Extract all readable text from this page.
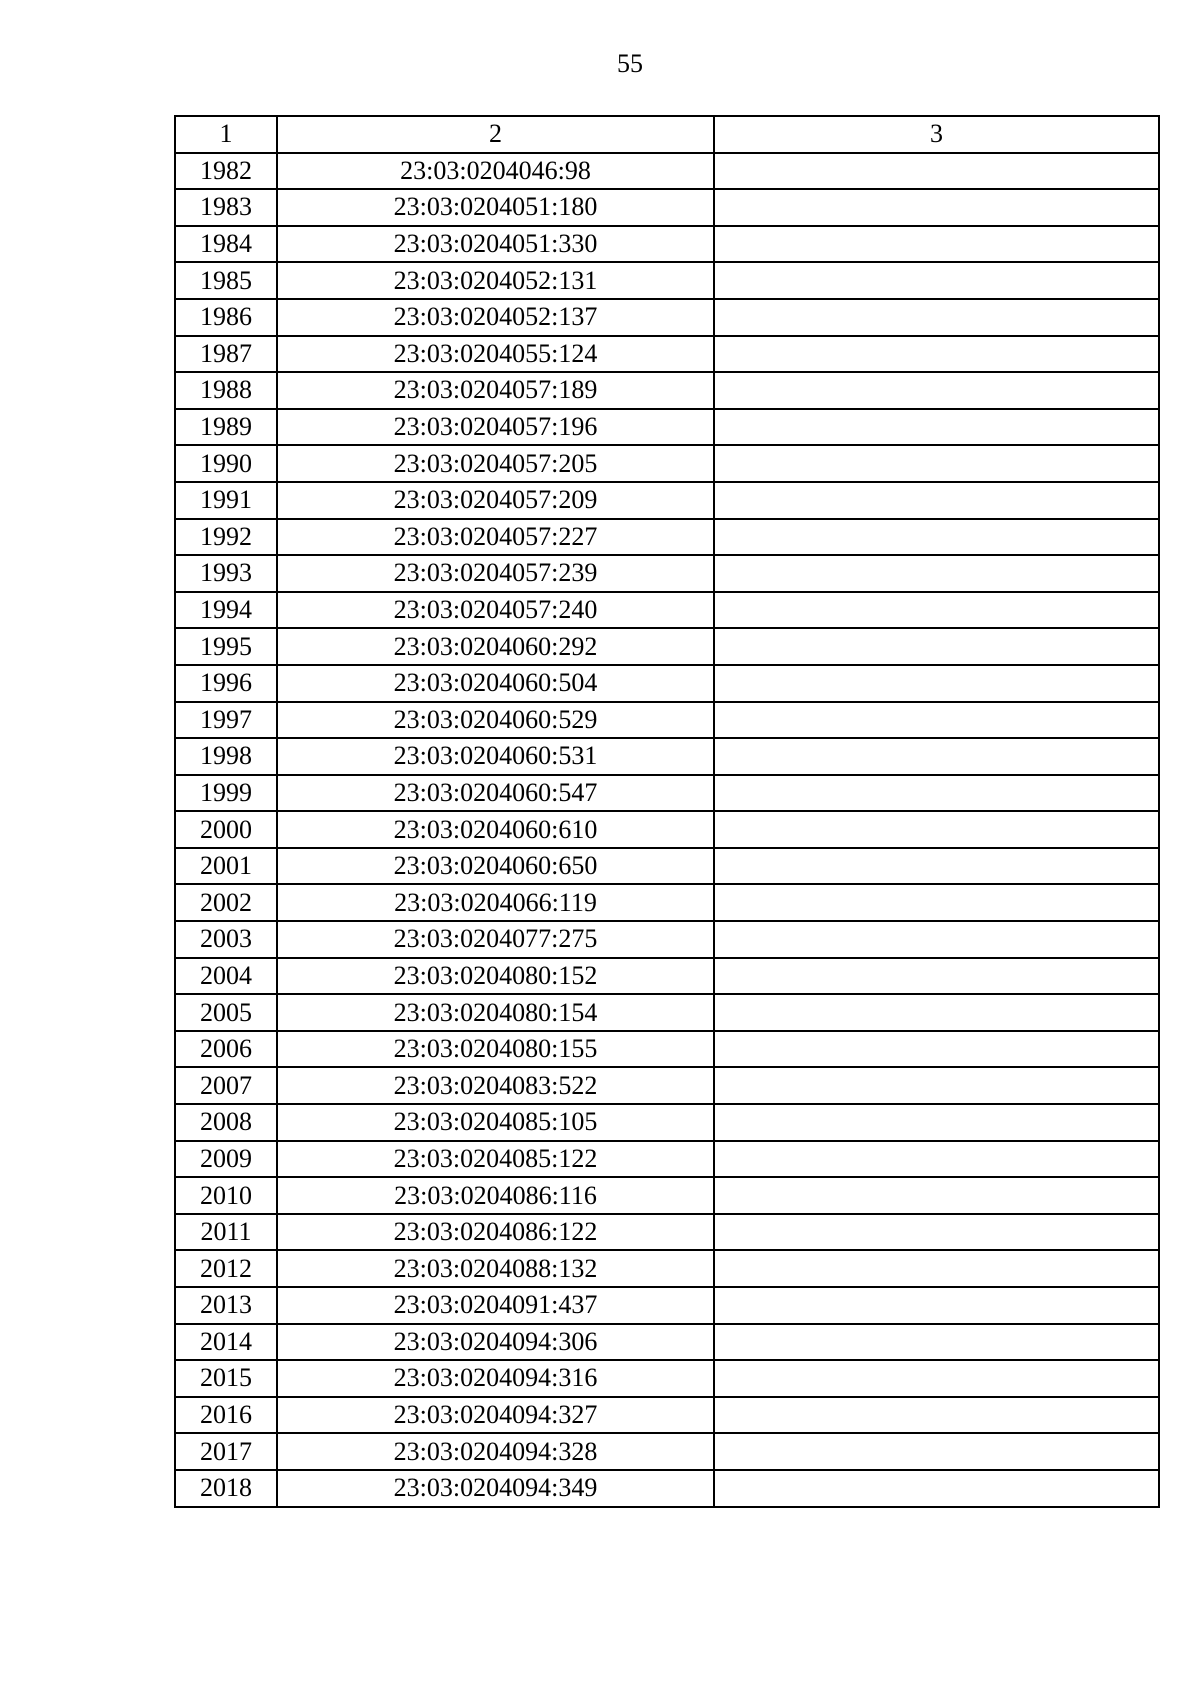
55
1	2	3
1982	23:03:0204046:98	
1983	23:03:0204051:180	
1984	23:03:0204051:330	
1985	23:03:0204052:131	
1986	23:03:0204052:137	
1987	23:03:0204055:124	
1988	23:03:0204057:189	
1989	23:03:0204057:196	
1990	23:03:0204057:205	
1991	23:03:0204057:209	
1992	23:03:0204057:227	
1993	23:03:0204057:239	
1994	23:03:0204057:240	
1995	23:03:0204060:292	
1996	23:03:0204060:504	
1997	23:03:0204060:529	
1998	23:03:0204060:531	
1999	23:03:0204060:547	
2000	23:03:0204060:610	
2001	23:03:0204060:650	
2002	23:03:0204066:119	
2003	23:03:0204077:275	
2004	23:03:0204080:152	
2005	23:03:0204080:154	
2006	23:03:0204080:155	
2007	23:03:0204083:522	
2008	23:03:0204085:105	
2009	23:03:0204085:122	
2010	23:03:0204086:116	
2011	23:03:0204086:122	
2012	23:03:0204088:132	
2013	23:03:0204091:437	
2014	23:03:0204094:306	
2015	23:03:0204094:316	
2016	23:03:0204094:327	
2017	23:03:0204094:328	
2018	23:03:0204094:349	
